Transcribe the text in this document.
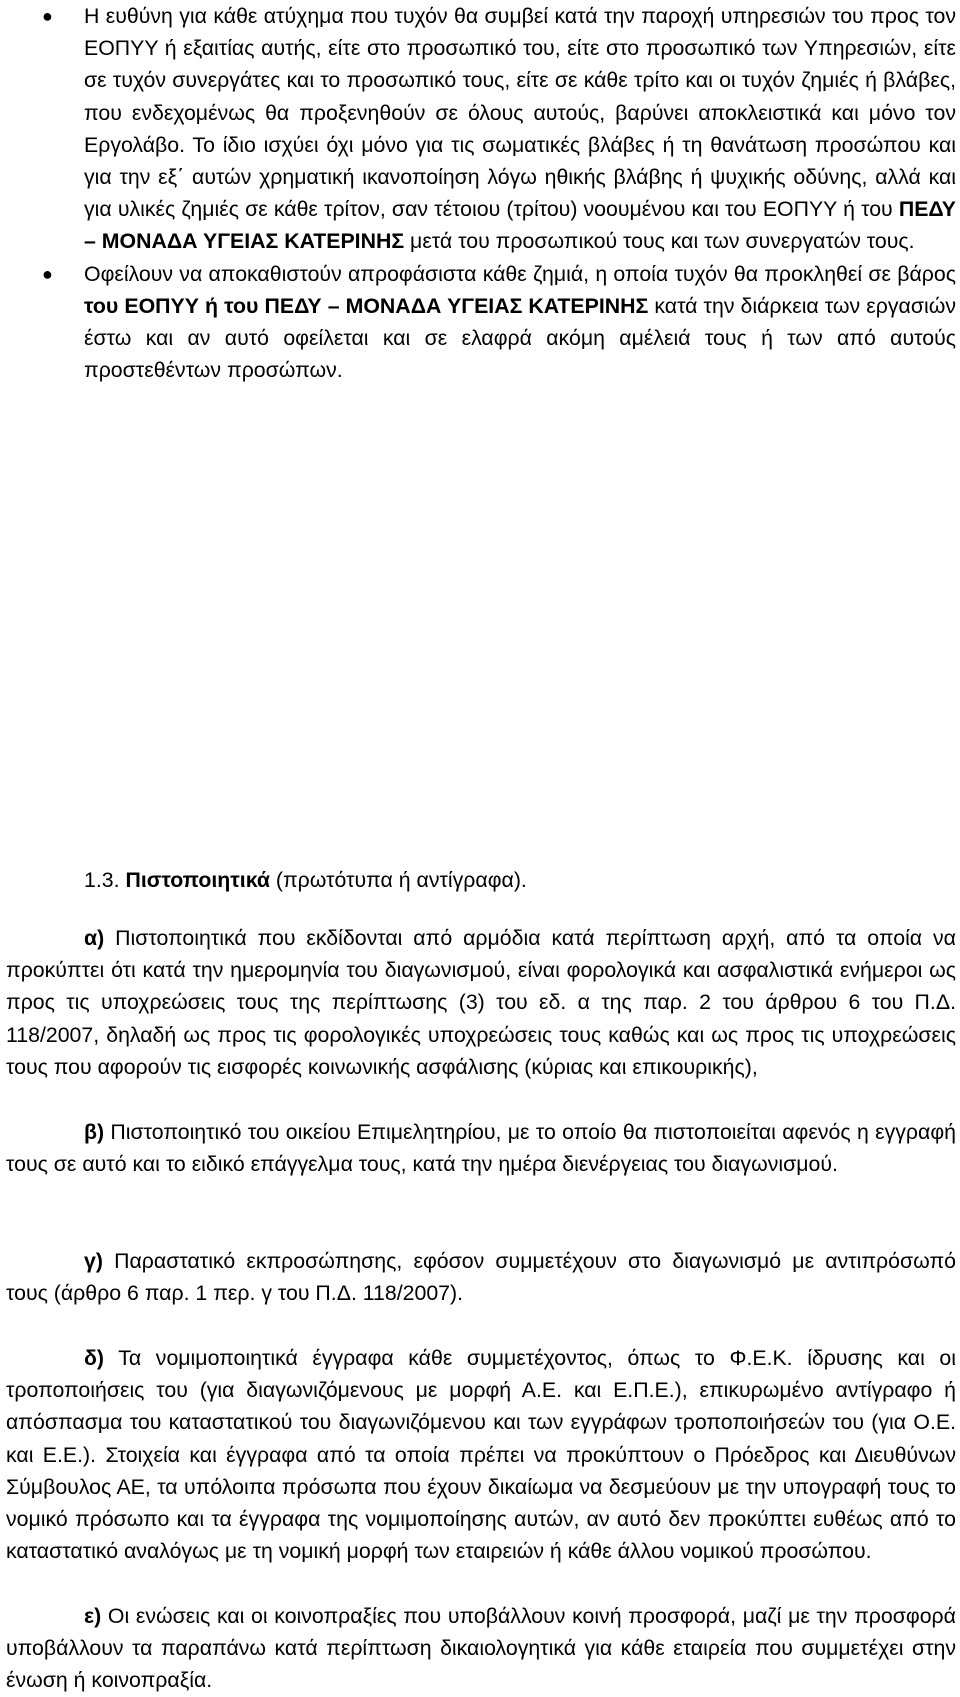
● Η ευθύνη για κάθε ατύχημα που τυχόν θα συμβεί κατά την παροχή υπηρεσιών του προς τον ΕΟΠΥΥ ή εξαιτίας αυτής, είτε στο προσωπικό του, είτε στο προσωπικό των Υπηρεσιών, είτε σε τυχόν συνεργάτες και το προσωπικό τους, είτε σε κάθε τρίτο και οι τυχόν ζημιές ή βλάβες, που ενδεχομένως θα προξενηθούν σε όλους αυτούς, βαρύνει αποκλειστικά και μόνο τον Εργολάβο. Το ίδιο ισχύει όχι μόνο για τις σωματικές βλάβες ή τη θανάτωση προσώπου και για την εξ΄ αυτών χρηματική ικανοποίηση λόγω ηθικής βλάβης ή ψυχικής οδύνης, αλλά και για υλικές ζημιές σε κάθε τρίτον, σαν τέτοιου (τρίτου) νοουμένου και του ΕΟΠΥΥ ή του ΠΕΔΥ – ΜΟΝΑΔΑ ΥΓΕΙΑΣ ΚΑΤΕΡΙΝΗΣ μετά του προσωπικού τους και των συνεργατών τους.
● Οφείλουν να αποκαθιστούν απροφάσιστα κάθε ζημιά, η οποία τυχόν θα προκληθεί σε βάρος του ΕΟΠΥΥ ή του ΠΕΔΥ – ΜΟΝΑΔΑ ΥΓΕΙΑΣ ΚΑΤΕΡΙΝΗΣ κατά την διάρκεια των εργασιών έστω και αν αυτό οφείλεται και σε ελαφρά ακόμη αμέλειά τους ή των από αυτούς προστεθέντων προσώπων.
1.3. Πιστοποιητικά (πρωτότυπα ή αντίγραφα).

α) Πιστοποιητικά που εκδίδονται από αρμόδια κατά περίπτωση αρχή, από τα οποία να προκύπτει ότι κατά την ημερομηνία του διαγωνισμού, είναι φορολογικά και ασφαλιστικά ενήμεροι ως προς τις υποχρεώσεις τους της περίπτωσης (3) του εδ. α της παρ. 2 του άρθρου 6 του Π.Δ. 118/2007, δηλαδή ως προς τις φορολογικές υποχρεώσεις τους καθώς και ως προς τις υποχρεώσεις τους που αφορούν τις εισφορές κοινωνικής ασφάλισης (κύριας και επικουρικής),

β) Πιστοποιητικό του οικείου Επιμελητηρίου, με το οποίο θα πιστοποιείται αφενός η εγγραφή τους σε αυτό και το ειδικό επάγγελμα τους, κατά την ημέρα διενέργειας του διαγωνισμού.

γ) Παραστατικό εκπροσώπησης, εφόσον συμμετέχουν στο διαγωνισμό με αντιπρόσωπό τους (άρθρο 6 παρ. 1 περ. γ του Π.Δ. 118/2007).

δ) Τα νομιμοποιητικά έγγραφα κάθε συμμετέχοντος, όπως το Φ.Ε.Κ. ίδρυσης και οι τροποποιήσεις του (για διαγωνιζόμενους με μορφή Α.Ε. και Ε.Π.Ε.), επικυρωμένο αντίγραφο ή απόσπασμα του καταστατικού του διαγωνιζόμενου και των εγγράφων τροποποιήσεών του (για Ο.Ε. και Ε.Ε.). Στοιχεία και έγγραφα από τα οποία πρέπει να προκύπτουν ο Πρόεδρος και Διευθύνων Σύμβουλος ΑΕ, τα υπόλοιπα πρόσωπα που έχουν δικαίωμα να δεσμεύουν με την υπογραφή τους το νομικό πρόσωπο και τα έγγραφα της νομιμοποίησης αυτών, αν αυτό δεν προκύπτει ευθέως από το καταστατικό αναλόγως με τη νομική μορφή των εταιρειών ή κάθε άλλου νομικού προσώπου.

ε) Οι ενώσεις και οι κοινοπραξίες που υποβάλλουν κοινή προσφορά, μαζί με την προσφορά υποβάλλουν τα παραπάνω κατά περίπτωση δικαιολογητικά για κάθε εταιρεία που συμμετέχει στην ένωση ή κοινοπραξία.
